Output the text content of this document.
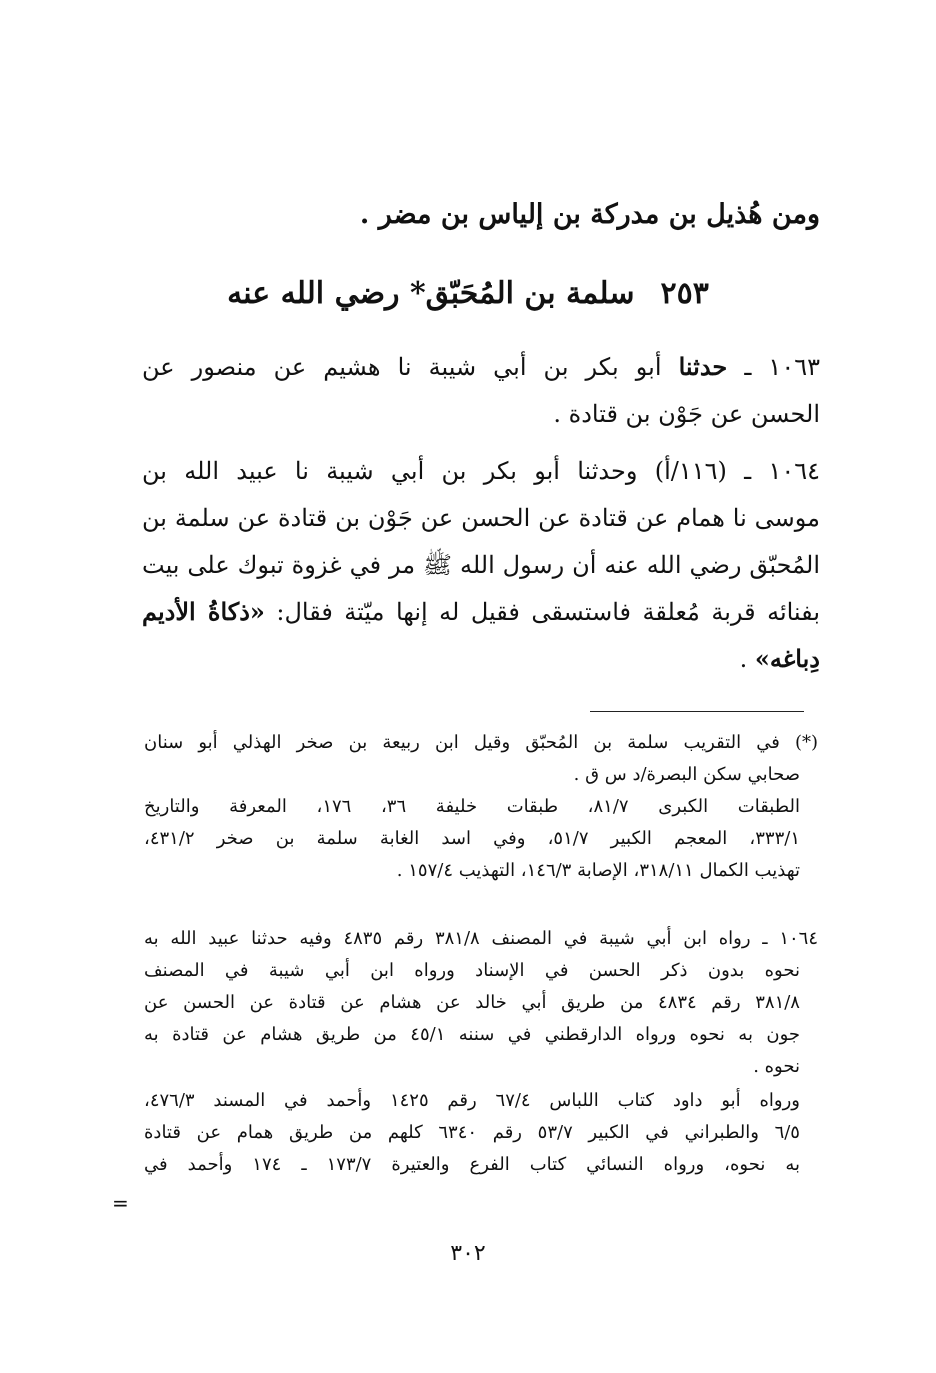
ومن هُذيل بن مدركة بن إلياس بن مضر .
٢٥٣سلمة بن المُحَبّق* رضي الله عنه
١٠٦٣ ـ حدثنا أبو بكر بن أبي شيبة نا هشيم عن منصور عن
الحسن عن جَوْن بن قتادة .
١٠٦٤ ـ (١١٦/أ) وحدثنا أبو بكر بن أبي شيبة نا عبيد الله بن
موسى نا همام عن قتادة عن الحسن عن جَوْن بن قتادة عن سلمة بن
المُحبّق رضي الله عنه أن رسول الله ﷺ مر في غزوة تبوك على بيت
بفنائه قربة مُعلقة فاستسقى فقيل له إنها ميّتة فقال: «ذكاةُ الأديم
دِباغه» .
(*) في التقريب سلمة بن المُحبّق وقيل ابن ربيعة بن صخر الهذلي أبو سنان
صحابي سكن البصرة/د س ق .
الطبقات الكبرى ٨١/٧، طبقات خليفة ٣٦، ١٧٦، المعرفة والتاريخ
٣٣٣/١، المعجم الكبير ٥١/٧، وفي اسد الغابة سلمة بن صخر ٤٣١/٢،
تهذيب الكمال ٣١٨/١١، الإصابة ١٤٦/٣، التهذيب ١٥٧/٤ .
١٠٦٤ ـ رواه ابن أبي شيبة في المصنف ٣٨١/٨ رقم ٤٨٣٥ وفيه حدثنا عبيد الله به
نحوه بدون ذكر الحسن في الإسناد ورواه ابن أبي شيبة في المصنف
٣٨١/٨ رقم ٤٨٣٤ من طريق أبي خالد عن هشام عن قتادة عن الحسن عن
جون به نحوه ورواه الدارقطني في سننه ٤٥/١ من طريق هشام عن قتادة به
نحوه .
ورواه أبو داود كتاب اللباس ٦٧/٤ رقم ١٤٢٥ وأحمد في المسند ٤٧٦/٣،
٦/٥ والطبراني في الكبير ٥٣/٧ رقم ٦٣٤٠ كلهم من طريق همام عن قتادة
به نحوه، ورواه النسائي كتاب الفرع والعتيرة ١٧٣/٧ ـ ١٧٤ وأحمد في
=
٣٠٢
